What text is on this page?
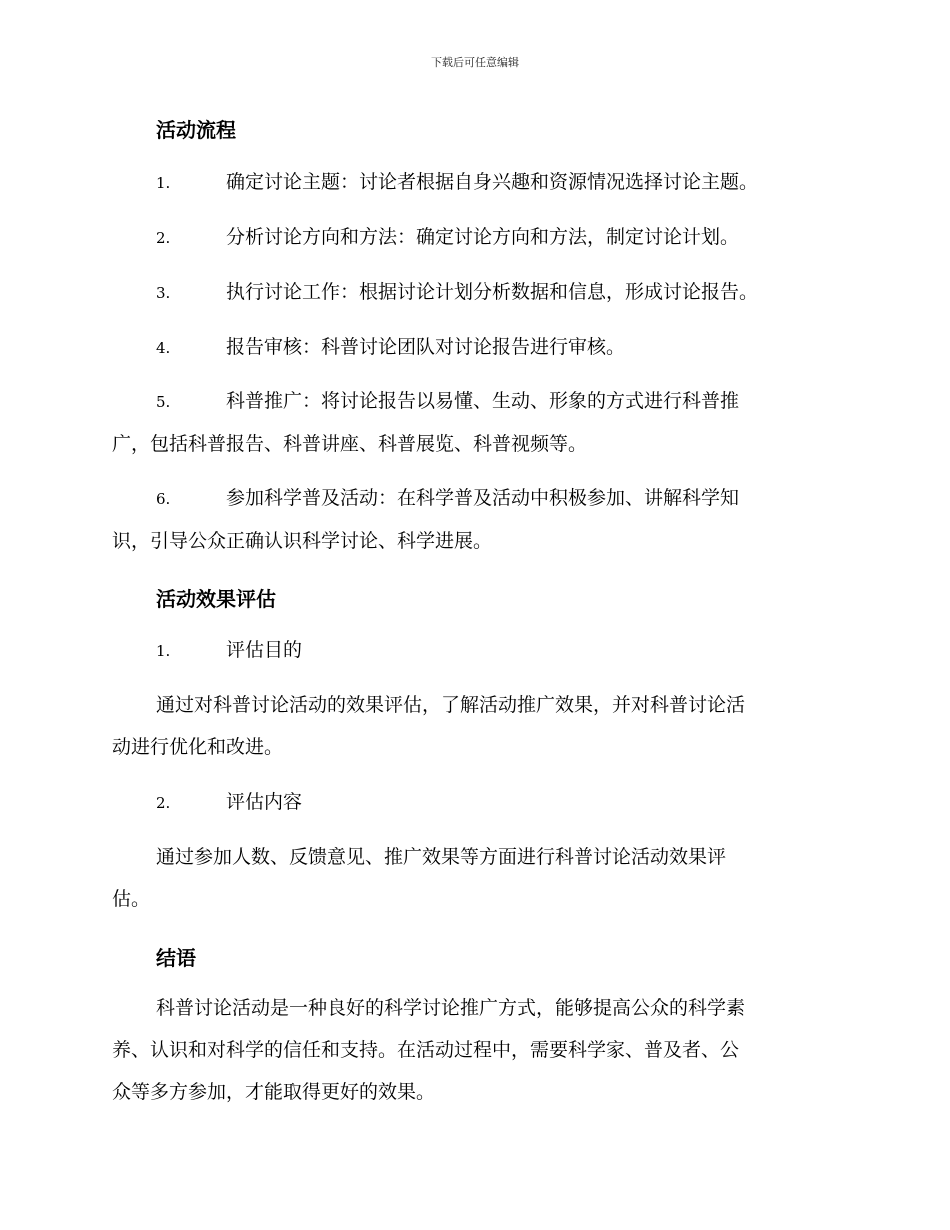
下载后可任意编辑
活动流程
1.	确定讨论主题：讨论者根据自身兴趣和资源情况选择讨论主题。
2.	分析讨论方向和方法：确定讨论方向和方法，制定讨论计划。
3.	执行讨论工作：根据讨论计划分析数据和信息，形成讨论报告。
4.	报告审核：科普讨论团队对讨论报告进行审核。
5.	科普推广：将讨论报告以易懂、生动、形象的方式进行科普推
广，包括科普报告、科普讲座、科普展览、科普视频等。
6.	参加科学普及活动：在科学普及活动中积极参加、讲解科学知
识，引导公众正确认识科学讨论、科学进展。
活动效果评估
1.	评估目的
通过对科普讨论活动的效果评估，了解活动推广效果，并对科普讨论活
动进行优化和改进。
2.	评估内容
通过参加人数、反馈意见、推广效果等方面进行科普讨论活动效果评
估。
结语
科普讨论活动是一种良好的科学讨论推广方式，能够提高公众的科学素
养、认识和对科学的信任和支持。在活动过程中，需要科学家、普及者、公
众等多方参加，才能取得更好的效果。
